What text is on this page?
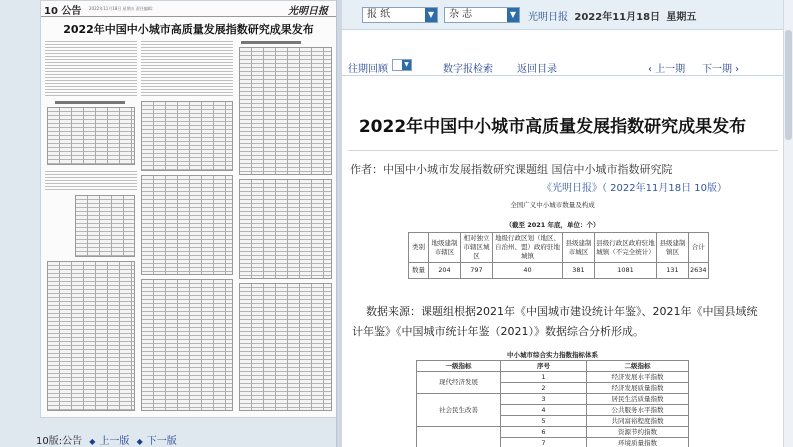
10 公告 2022年11月18日 星期五 责任编辑：	光明日报
2022年中国中小城市高质量发展指数研究成果发布
10版:公告 ◆ 上一版 ◆ 下一版
报 纸	▼	杂 志	▼ 光明日报 2022年11月18日 星期五
往期回顾	▼	数字报检索 返回目录	‹ 上一期 下一期 ›
2022年中国中小城市高质量发展指数研究成果发布
作者：中国中小城市发展指数研究课题组 国信中小城市指数研究院
《光明日报》（ 2022年11月18日 10版）
全国广义中小城市数量及构成
（截至 2021 年底，单位：个）
类别	地级建制市辖区	相对独立市辖区城区	地级行政区划（地区、自治州、盟）政府驻地城镇	县级建制市城区	县级行政区政府驻地城镇（不完全统计）	县级建制镇区	合计
数量	204	797	40	381	1081	131	2634
数据来源：课题组根据2021年《中国城市建设统计年鉴》、2021年《中国县域统计年鉴》《中国城市统计年鉴（2021）》数据综合分析形成。
中小城市综合实力指数指标体系
一级指标	序号	二级指标
现代经济发展	1	经济发展水平指数
	2	经济发展质量指数
社会民生改善	3	居民生活质量指数
	4	公共服务水平指数
	5	共同富裕程度指数
	6	资源节约指数
	7	环境质量指数
